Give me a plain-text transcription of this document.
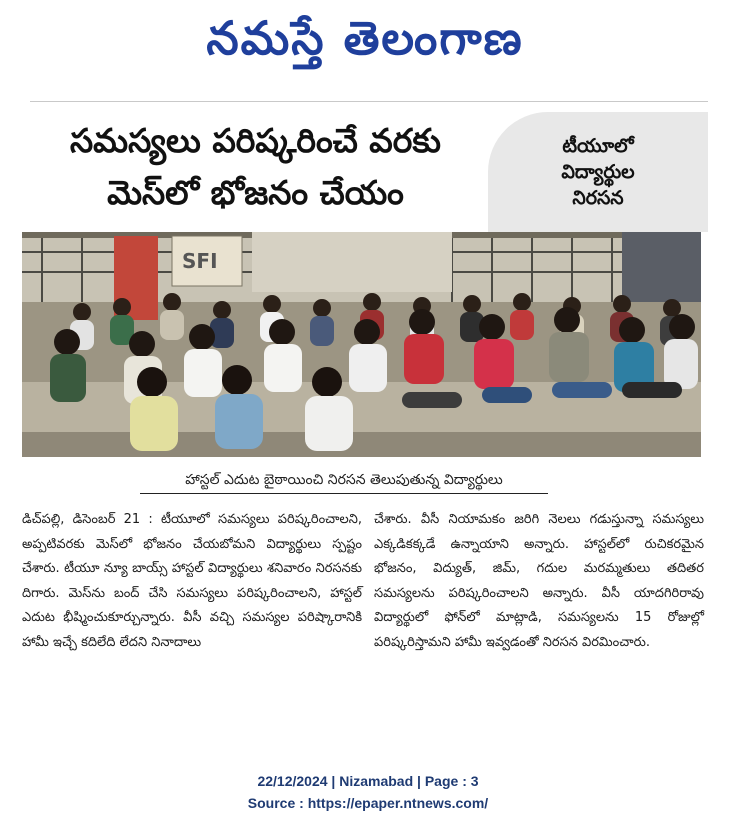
నమస్తే తెలంగాణ
సమస్యలు పరిష్కరించే వరకు
మెస్‌లో భోజనం చేయం
టీయూలో
విద్యార్థుల
నిరసన
SFI
హాస్టల్ ఎదుట బైఠాయించి నిరసన తెలుపుతున్న విద్యార్థులు

డిచ్‌పల్లి, డిసెంబర్ 21 : టీయూలో సమస్యలు పరిష్కరించాలని, అప్పటివరకు మెస్‌లో భోజనం చేయబోమని విద్యార్థులు స్పష్టం చేశారు. టీయూ న్యూ బాయ్స్ హాస్టల్ విద్యార్థులు శనివారం నిరసనకు దిగారు. మెస్‌ను బంద్ చేసి సమస్యలు పరిష్కరించాలని, హాస్టల్ ఎదుట భీష్మించుకూర్చున్నారు. వీసీ వచ్చి సమస్యల పరిష్కారానికి హామీ ఇచ్చే కదిలేది లేదని నినాదాలు

చేశారు. వీసీ నియామకం జరిగి నెలలు గడుస్తున్నా సమస్యలు ఎక్కడికక్కడే ఉన్నాయాని అన్నారు. హాస్టల్‌లో రుచికరమైన భోజనం, విద్యుత్, జిమ్, గదుల మరమ్మతులు తదితర సమస్యలను పరిష్కరించాలని అన్నారు. వీసీ యాదగిరిరావు విద్యార్థులో ఫోన్‌లో మాట్లాడి, సమస్యలను 15 రోజుల్లో పరిష్కరిస్తామని హామీ ఇవ్వడంతో నిరసన విరమించారు.

22/12/2024 | Nizamabad | Page : 3
Source : https://epaper.ntnews.com/
